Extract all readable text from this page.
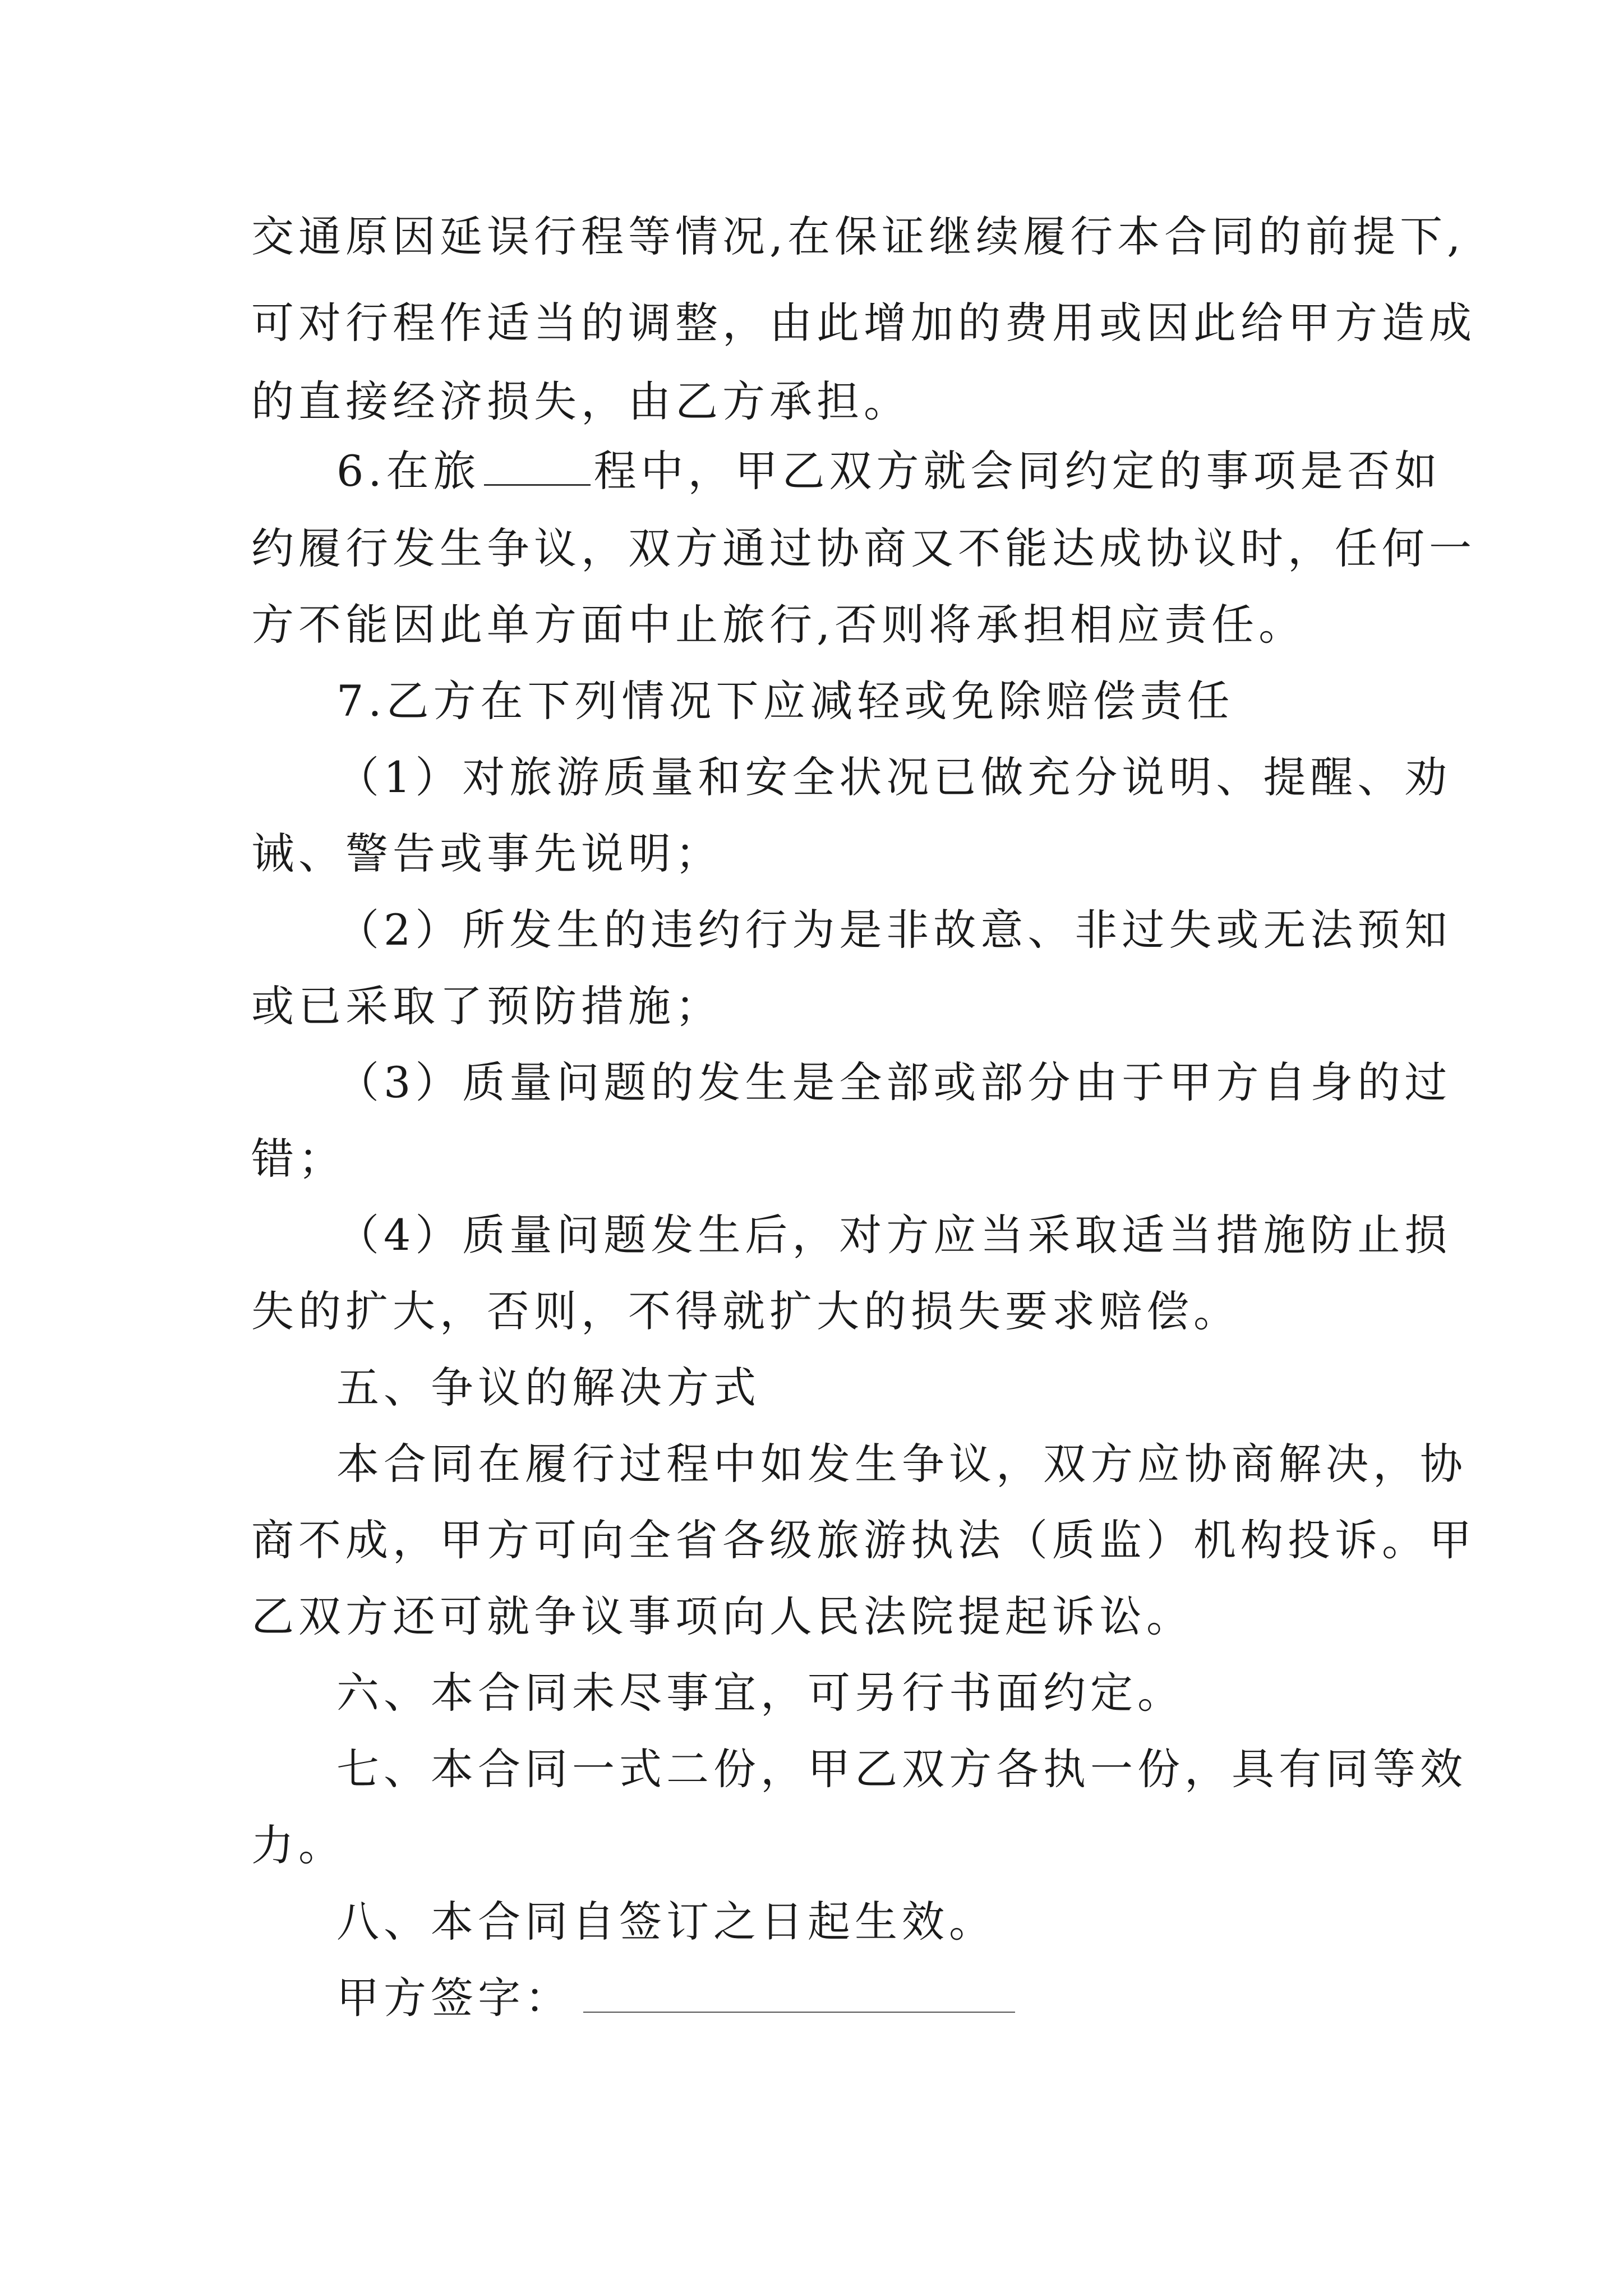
交通原因延误行程等情况,在保证继续履行本合同的前提下,
可对行程作适当的调整，由此增加的费用或因此给甲方造成
的直接经济损失，由乙方承担。
6.在旅	程中，甲乙双方就会同约定的事项是否如
约履行发生争议，双方通过协商又不能达成协议时，任何一
方不能因此单方面中止旅行,否则将承担相应责任。
7.乙方在下列情况下应减轻或免除赔偿责任
（1）对旅游质量和安全状况已做充分说明、提醒、劝
诫、警告或事先说明；
（2）所发生的违约行为是非故意、非过失或无法预知
或已采取了预防措施；
（3）质量问题的发生是全部或部分由于甲方自身的过
错；
（4）质量问题发生后，对方应当采取适当措施防止损
失的扩大，否则，不得就扩大的损失要求赔偿。
五、争议的解决方式
本合同在履行过程中如发生争议，双方应协商解决，协
商不成，甲方可向全省各级旅游执法（质监）机构投诉。甲
乙双方还可就争议事项向人民法院提起诉讼。
六、本合同未尽事宜，可另行书面约定。
七、本合同一式二份，甲乙双方各执一份，具有同等效
力。
八、本合同自签订之日起生效。
甲方签字：
